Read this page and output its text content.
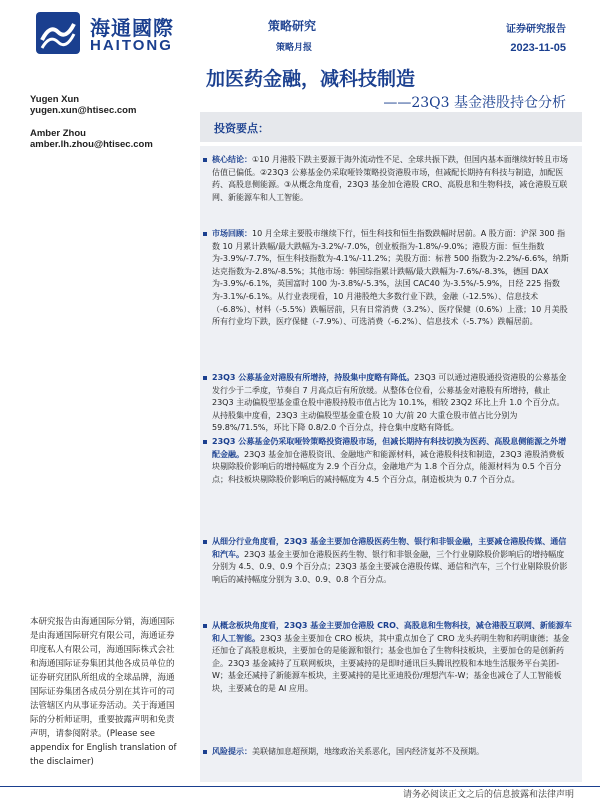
海通國際
HAITONG
策略研究
策略月报
证券研究报告
2023-11-05
加医药金融，减科技制造
——23Q3 基金港股持仓分析
Yugen Xun
yugen.xun@htisec.com
Amber Zhou
amber.lh.zhou@htisec.com
投资要点：
核心结论：①10 月港股下跌主要源于海外流动性不足、全球共振下跌，但国内基本面继续好转且市场估值已偏低。②23Q3 公募基金仍采取哑铃策略投资港股市场，但减配长期持有科技与制造，加配医药、高股息侧能源。③从概念角度看，23Q3 基金加仓港股 CRO、高股息和生物科技，减仓港股互联网、新能源车和人工智能。
市场回顾：10 月全球主要股市继续下行，恒生科技和恒生指数跌幅时居前。A 股方面：沪深 300 指数 10 月累计跌幅/最大跌幅为-3.2%/-7.0%，创业板指为-1.8%/-9.0%；港股方面：恒生指数为-3.9%/-7.7%，恒生科技指数为-4.1%/-11.2%；美股方面：标普 500 指数为-2.2%/-6.6%，纳斯达克指数为-2.8%/-8.5%；其他市场：韩国综指累计跌幅/最大跌幅为-7.6%/-8.3%，德国 DAX 为-3.9%/-6.1%，英国富时 100 为-3.8%/-5.3%，法国 CAC40 为-3.5%/-5.9%，日经 225 指数为-3.1%/-6.1%。从行业表现看，10 月港股绝大多数行业下跌，金融（-12.5%）、信息技术（-6.8%）、材料（-5.5%）跌幅居前，只有日常消费（3.2%）、医疗保健（0.6%）上涨；10 月美股所有行业均下跌，医疗保健（-7.9%）、可选消费（-6.2%）、信息技术（-5.7%）跌幅居前。
23Q3 公募基金对港股有所增持，持股集中度略有降低。23Q3 可以通过港股通投资港股的公募基金发行少于二季度，节奏自 7 月高点后有所放缓。从整体仓位看，公募基金对港股有所增持，截止 23Q3 主动偏股型基金重仓股中港股持股市值占比为 10.1%，相较 23Q2 环比上升 1.0 个百分点。从持股集中度看，23Q3 主动偏股型基金重仓股 10 大/前 20 大重仓股市值占比分别为 59.8%/71.5%，环比下降 0.8/2.0 个百分点，持仓集中度略有降低。
23Q3 公募基金仍采取哑铃策略投资港股市场，但减长期持有科技切换为医药、高股息侧能源之外增配金融。23Q3 基金加仓港股资讯、金融地产和能源材料，减仓港股科技和制造，23Q3 港股消费板块剔除股价影响后的增持幅度为 2.9 个百分点，金融地产为 1.8 个百分点，能源材料为 0.5 个百分点；科技板块剔除股价影响后的减持幅度为 4.5 个百分点，制造板块为 0.7 个百分点。
从细分行业角度看，23Q3 基金主要加仓港股医药生物、银行和非银金融，主要减仓港股传媒、通信和汽车。23Q3 基金主要加仓港股医药生物、银行和非银金融，三个行业剔除股价影响后的增持幅度分别为 4.5、0.9、0.9 个百分点；23Q3 基金主要减仓港股传媒、通信和汽车，三个行业剔除股价影响后的减持幅度分别为 3.0、0.9、0.8 个百分点。
从概念板块角度看，23Q3 基金主要加仓港股 CRO、高股息和生物科技，减仓港股互联网、新能源车和人工智能。23Q3 基金主要加仓 CRO 板块，其中重点加仓了 CRO 龙头药明生物和药明康德；基金还加仓了高股息板块，主要加仓的是能源和银行；基金也加仓了生物科技板块，主要加仓的是创新药企。23Q3 基金减持了互联网板块，主要减持的是即时通讯巨头腾讯控股和本地生活服务平台美团-W；基金还减持了新能源车板块，主要减持的是比亚迪股份/理想汽车-W；基金也减仓了人工智能板块，主要减仓的是 AI 应用。
风险提示：美联储加息超预期，地缘政治关系恶化，国内经济复苏不及预期。
本研究报告由海通国际分销，海通国际是由海通国际研究有限公司，海通证券印度私人有限公司，海通国际株式会社和海通国际证券集团其他各成员单位的证券研究团队所组成的全球品牌，海通国际证券集团各成员分别在其许可的司法管辖区内从事证券活动。关于海通国际的分析师证明，重要披露声明和免责声明，请参阅附录。(Please see appendix for English translation of the disclaimer)
请务必阅读正文之后的信息披露和法律声明
